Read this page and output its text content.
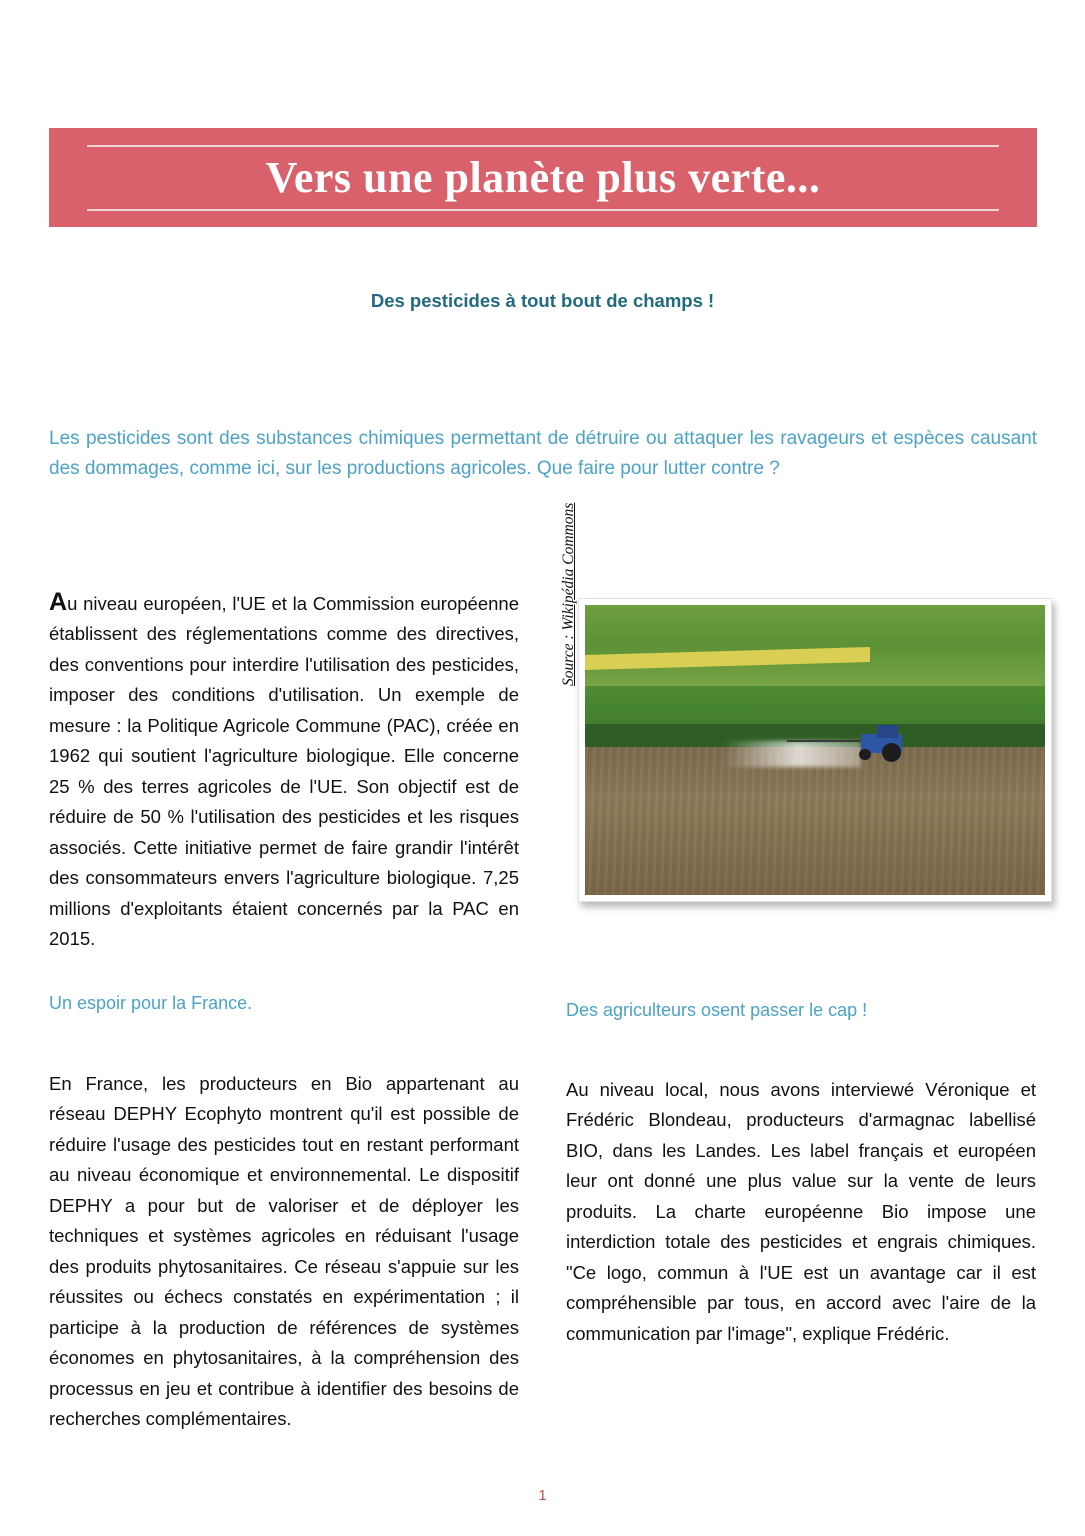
Vers une planète plus verte...
Des pesticides à tout bout de champs !
Les pesticides sont des substances chimiques permettant de détruire ou attaquer les ravageurs et espèces causant des dommages, comme ici, sur les productions agricoles. Que faire pour lutter contre ?

Au niveau européen, l'UE et la Commission européenne établissent des réglementations comme des directives, des conventions pour interdire l'utilisation des pesticides, imposer des conditions d'utilisation. Un exemple de mesure : la Politique Agricole Commune (PAC), créée en 1962 qui soutient l'agriculture biologique. Elle concerne 25 % des terres agricoles de l'UE. Son objectif est de réduire de 50 % l'utilisation des pesticides et les risques associés. Cette initiative permet de faire grandir l'intérêt des consommateurs envers l'agriculture biologique. 7,25 millions d'exploitants étaient concernés par la PAC en 2015.

Source : Wikipédia Commons
Un espoir pour la France.

En France, les producteurs en Bio appartenant au réseau DEPHY Ecophyto montrent qu'il est possible de réduire l'usage des pesticides tout en restant performant au niveau économique et environnemental. Le dispositif DEPHY a pour but de valoriser et de déployer les techniques et systèmes agricoles en réduisant l'usage des produits phytosanitaires. Ce réseau s'appuie sur les réussites ou échecs constatés en expérimentation ; il participe à la production de références de systèmes économes en phytosanitaires, à la compréhension des processus en jeu et contribue à identifier des besoins de recherches complémentaires.

Des agriculteurs osent passer le cap !

Au niveau local, nous avons interviewé Véronique et Frédéric Blondeau, producteurs d'armagnac labellisé BIO, dans les Landes. Les label français et européen leur ont donné une plus value sur la vente de leurs produits. La charte européenne Bio impose une interdiction totale des pesticides et engrais chimiques. "Ce logo, commun à l'UE est un avantage car il est compréhensible par tous, en accord avec l'aire de la communication par l'image", explique Frédéric.

1
